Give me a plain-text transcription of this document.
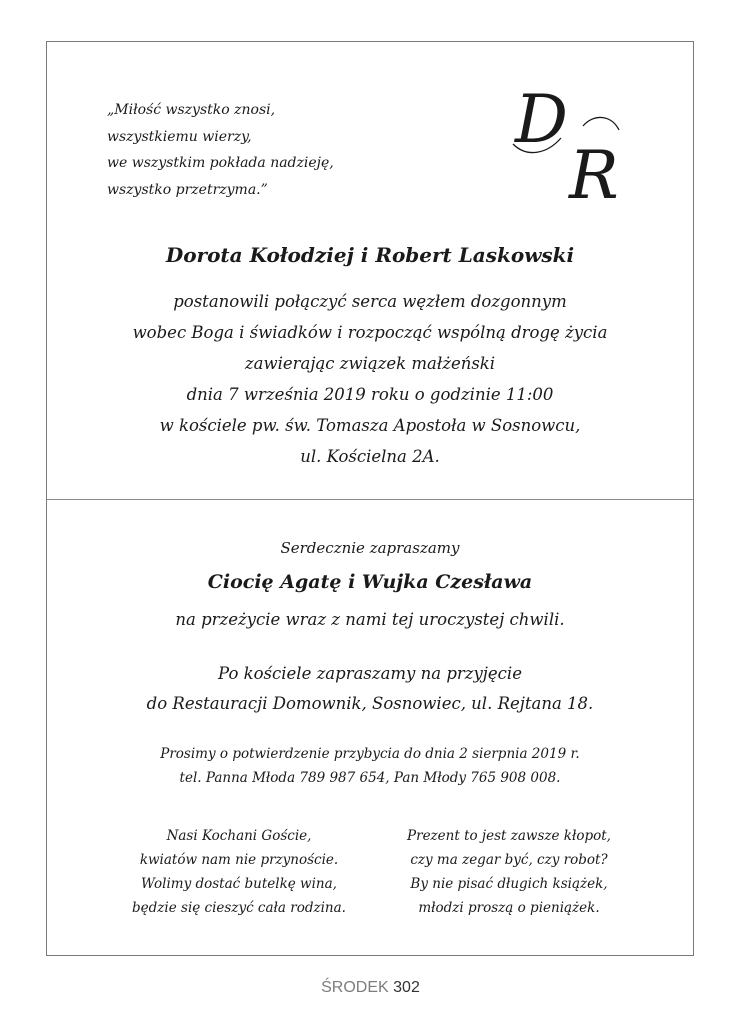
„Miłość wszystko znosi,
wszystkiemu wierzy,
we wszystkim pokłada nadzieję,
wszystko przetrzyma.”
D
R
Dorota Kołodziej i Robert Laskowski
postanowili połączyć serca węzłem dozgonnym
wobec Boga i świadków i rozpocząć wspólną drogę życia
zawierając związek małżeński
dnia 7 września 2019 roku o godzinie 11:00
w kościele pw. św. Tomasza Apostoła w Sosnowcu,
ul. Kościelna 2A.
Serdecznie zapraszamy
Ciocię Agatę i Wujka Czesława
na przeżycie wraz z nami tej uroczystej chwili.
Po kościele zapraszamy na przyjęcie
do Restauracji Domownik, Sosnowiec, ul. Rejtana 18.
Prosimy o potwierdzenie przybycia do dnia 2 sierpnia 2019 r.
tel. Panna Młoda 789 987 654, Pan Młody 765 908 008.
Nasi Kochani Goście,
kwiatów nam nie przynoście.
Wolimy dostać butelkę wina,
będzie się cieszyć cała rodzina.
Prezent to jest zawsze kłopot,
czy ma zegar być, czy robot?
By nie pisać długich książek,
młodzi proszą o pieniążek.
ŚRODEK 302
